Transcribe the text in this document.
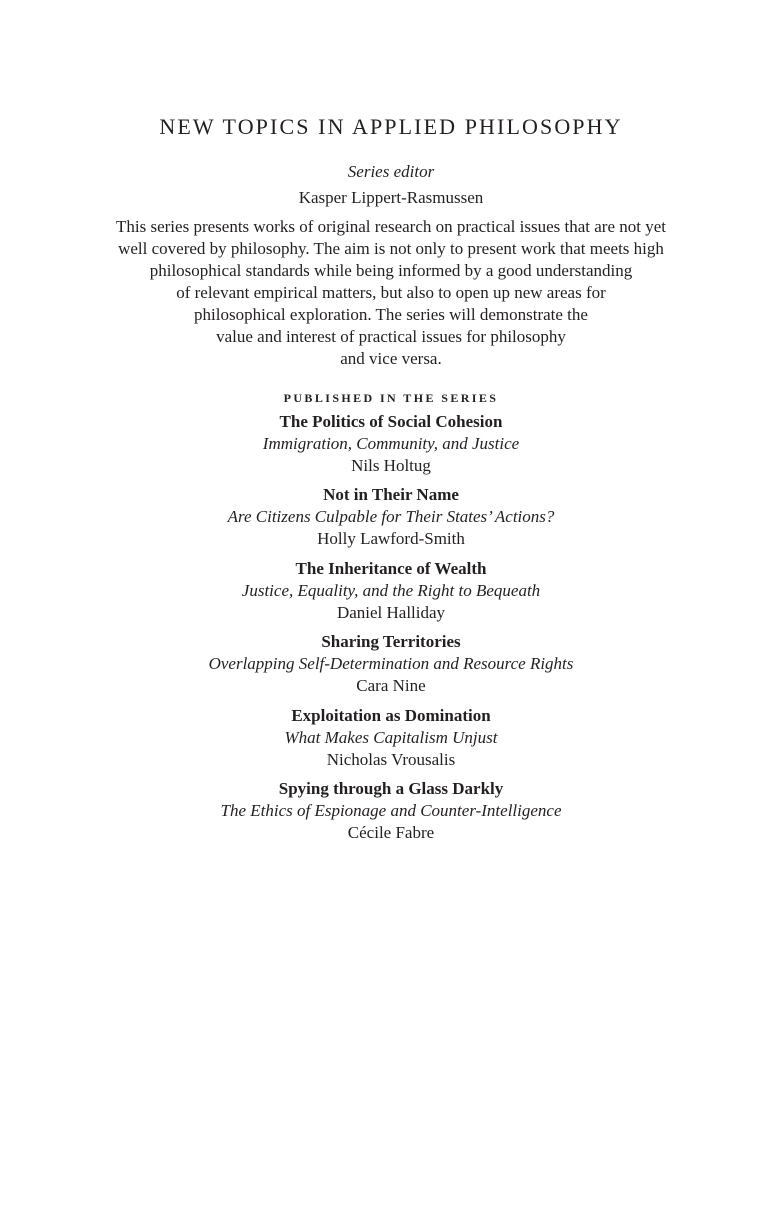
NEW TOPICS IN APPLIED PHILOSOPHY
Series editor
Kasper Lippert-Rasmussen
This series presents works of original research on practical issues that are not yet
well covered by philosophy. The aim is not only to present work that meets high
philosophical standards while being informed by a good understanding
of relevant empirical matters, but also to open up new areas for
philosophical exploration. The series will demonstrate the
value and interest of practical issues for philosophy
and vice versa.
PUBLISHED IN THE SERIES
The Politics of Social Cohesion
Immigration, Community, and Justice
Nils Holtug
Not in Their Name
Are Citizens Culpable for Their States’ Actions?
Holly Lawford-Smith
The Inheritance of Wealth
Justice, Equality, and the Right to Bequeath
Daniel Halliday
Sharing Territories
Overlapping Self-Determination and Resource Rights
Cara Nine
Exploitation as Domination
What Makes Capitalism Unjust
Nicholas Vrousalis
Spying through a Glass Darkly
The Ethics of Espionage and Counter-Intelligence
Cécile Fabre
